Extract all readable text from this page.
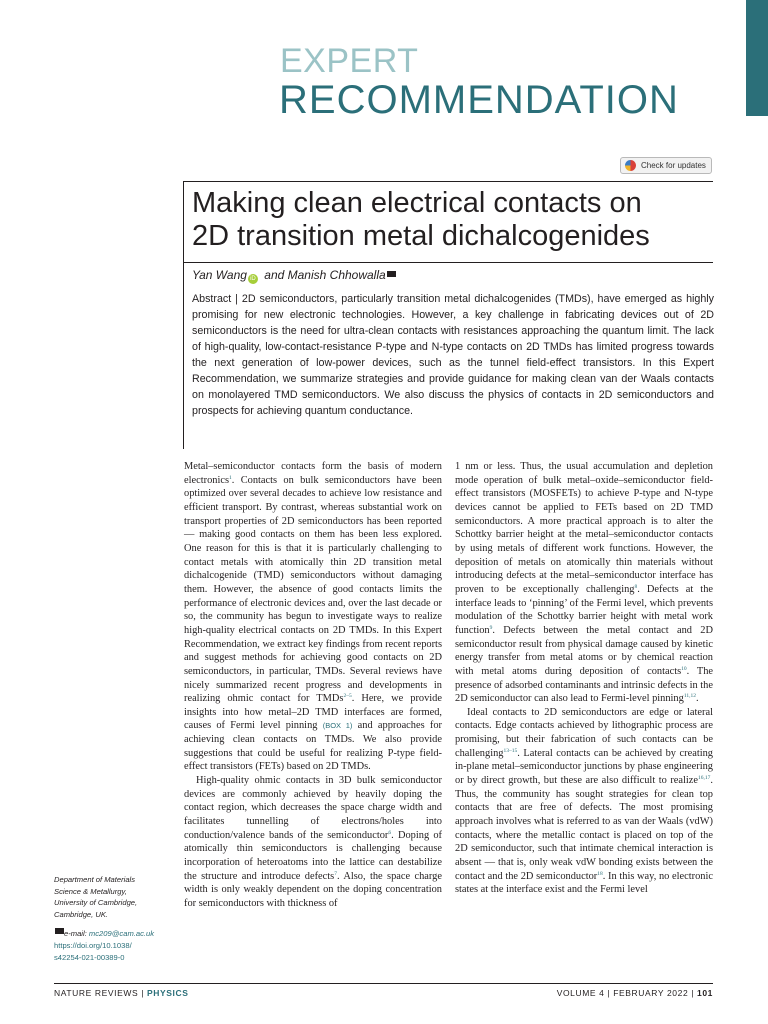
EXPERT
RECOMMENDATION
Check for updates
Making clean electrical contacts on
2D transition metal dichalcogenides
Yan Wang iD and Manish Chhowalla

Abstract | 2D semiconductors, particularly transition metal dichalcogenides (TMDs), have emerged as highly promising for new electronic technologies. However, a key challenge in fabricating devices out of 2D semiconductors is the need for ultra-clean contacts with resistances approaching the quantum limit. The lack of high-quality, low-contact-resistance P-type and N-type contacts on 2D TMDs has limited progress towards the next generation of low-power devices, such as the tunnel field-effect transistors. In this Expert Recommendation, we summarize strategies and provide guidance for making clean van der Waals contacts on monolayered TMD semiconductors. We also discuss the physics of contacts in 2D semiconductors and prospects for achieving quantum conductance.

Metal–semiconductor contacts form the basis of modern electronics$^1$. Contacts on bulk semiconductors have been optimized over several decades to achieve low resistance and efficient transport. By contrast, whereas substantial work on transport properties of 2D semiconductors has been reported — making good contacts on them has been less explored. One reason for this is that it is particularly challenging to contact metals with atomically thin 2D transition metal dichalcogenide (TMD) semiconductors without damaging them. However, the absence of good contacts limits the performance of electronic devices and, over the last decade or so, the community has begun to investigate ways to realize high-quality electrical contacts on 2D TMDs. In this Expert Recommendation, we extract key findings from recent reports and suggest methods for achieving good contacts on 2D semiconductors, in particular, TMDs. Several reviews have nicely summarized recent progress and developments in realizing ohmic contact for TMDs$^{2-5}$. Here, we provide insights into how metal–2D TMD interfaces are formed, causes of Fermi level pinning (BOX 1) and approaches for achieving clean contacts on TMDs. We also provide suggestions that could be useful for realizing P-type field-effect transistors (FETs) based on 2D TMDs.

High-quality ohmic contacts in 3D bulk semiconductor devices are commonly achieved by heavily doping the contact region, which decreases the space charge width and facilitates tunnelling of electrons/holes into conduction/valence bands of the semiconductor$^6$. Doping of atomically thin semiconductors is challenging because incorporation of heteroatoms into the lattice can destabilize the structure and introduce defects$^7$. Also, the space charge width is only weakly dependent on the doping concentration for semiconductors with thickness of

1 nm or less. Thus, the usual accumulation and depletion mode operation of bulk metal–oxide–semiconductor field-effect transistors (MOSFETs) to achieve P-type and N-type devices cannot be applied to FETs based on 2D TMD semiconductors. A more practical approach is to alter the Schottky barrier height at the metal–semiconductor contacts by using metals of different work functions. However, the deposition of metals on atomically thin materials without introducing defects at the metal–semiconductor interface has proven to be exceptionally challenging$^8$. Defects at the interface leads to ‘pinning’ of the Fermi level, which prevents modulation of the Schottky barrier height with metal work function$^9$. Defects between the metal contact and 2D semiconductor result from physical damage caused by kinetic energy transfer from metal atoms or by chemical reaction with metal atoms during deposition of contacts$^{10}$. The presence of adsorbed contaminants and intrinsic defects in the 2D semiconductor can also lead to Fermi-level pinning$^{11,12}$.

Ideal contacts to 2D semiconductors are edge or lateral contacts. Edge contacts achieved by lithographic process are promising, but their fabrication of such contacts can be challenging$^{13-15}$. Lateral contacts can be achieved by creating in-plane metal–semiconductor junctions by phase engineering or by direct growth, but these are also difficult to realize$^{16,17}$. Thus, the community has sought strategies for clean top contacts that are free of defects. The most promising approach involves what is referred to as van der Waals (vdW) contacts, where the metallic contact is placed on top of the 2D semiconductor, such that intimate chemical interaction is absent — that is, only weak vdW bonding exists between the contact and the 2D semiconductor$^{18}$. In this way, no electronic states at the interface exist and the Fermi level

Department of Materials
Science & Metallurgy,
University of Cambridge,
Cambridge, UK.

e-mail: mc209@cam.ac.uk
https://doi.org/10.1038/
s42254-021-00389-0
NATURE REVIEWS | PHYSICS	VOLUME 4 | FEBRUARY 2022 | 101
